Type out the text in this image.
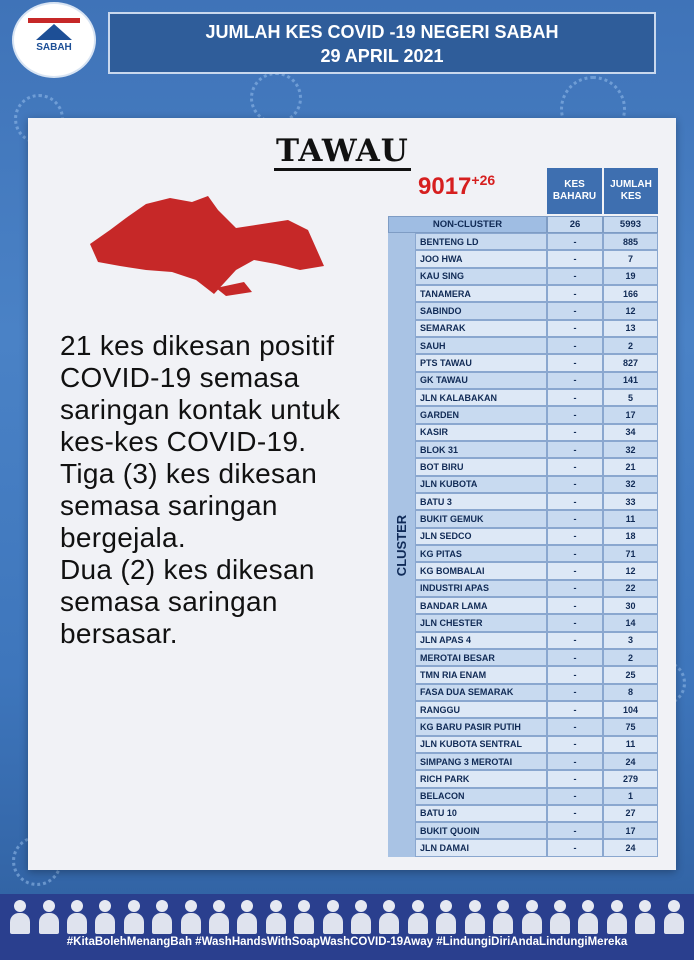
SABAH
JUMLAH KES COVID -19 NEGERI SABAH
29 APRIL 2021
TAWAU
$9017^{+26}$

21 kes dikesan positif COVID-19 semasa saringan kontak untuk kes-kes COVID-19.

Tiga (3) kes dikesan semasa saringan bergejala.

Dua (2) kes dikesan semasa saringan bersasar.

KES BAHARU
JUMLAH KES
NON-CLUSTER	26	5993
CLUSTER
BENTENG LD	-	885
JOO HWA	-	7
KAU SING	-	19
TANAMERA	-	166
SABINDO	-	12
SEMARAK	-	13
SAUH	-	2
PTS TAWAU	-	827
GK TAWAU	-	141
JLN KALABAKAN	-	5
GARDEN	-	17
KASIR	-	34
BLOK 31	-	32
BOT BIRU	-	21
JLN KUBOTA	-	32
BATU 3	-	33
BUKIT GEMUK	-	11
JLN SEDCO	-	18
KG PITAS	-	71
KG BOMBALAI	-	12
INDUSTRI APAS	-	22
BANDAR LAMA	-	30
JLN CHESTER	-	14
JLN APAS 4	-	3
MEROTAI BESAR	-	2
TMN RIA ENAM	-	25
FASA DUA SEMARAK	-	8
RANGGU	-	104
KG BARU PASIR PUTIH	-	75
JLN KUBOTA SENTRAL	-	11
SIMPANG 3 MEROTAI	-	24
RICH PARK	-	279
BELACON	-	1
BATU 10	-	27
BUKIT QUOIN	-	17
JLN DAMAI	-	24
#KitaBolehMenangBah #WashHandsWithSoapWashCOVID-19Away #LindungiDiriAndaLindungiMereka
